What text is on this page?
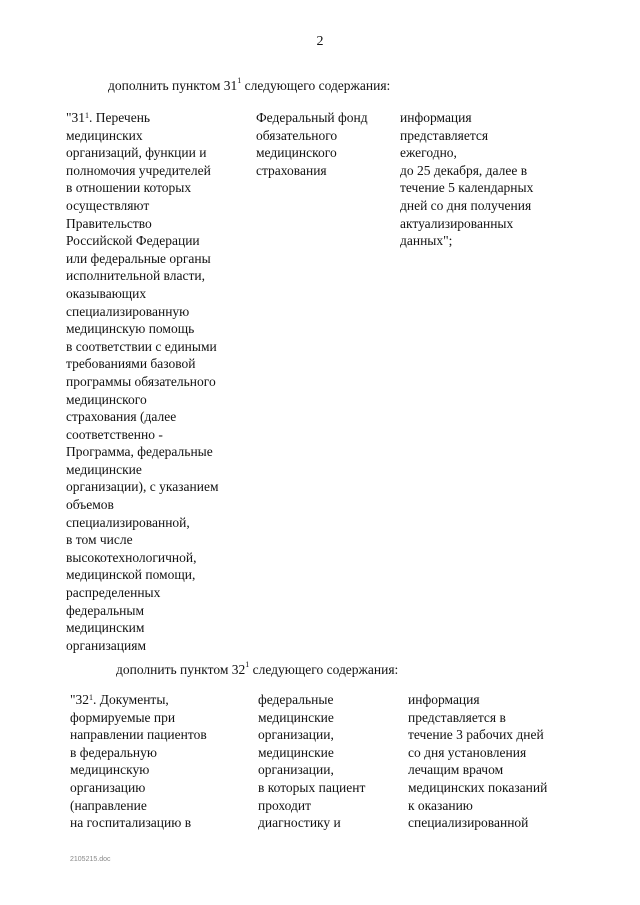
2
дополнить пунктом $31^1$ следующего содержания:
"$31^1$. Перечень
медицинских
организаций, функции и
полномочия учредителей
в отношении которых
осуществляют
Правительство
Российской Федерации
или федеральные органы
исполнительной власти,
оказывающих
специализированную
медицинскую помощь
в соответствии с едиными
требованиями базовой
программы обязательного
медицинского
страхования (далее
соответственно -
Программа, федеральные
медицинские
организации), с указанием
объемов
специализированной,
в том числе
высокотехнологичной,
медицинской помощи,
распределенных
федеральным
медицинским
организациям
Федеральный фонд
обязательного
медицинского
страхования
информация
представляется
ежегодно,
до 25 декабря, далее в
течение 5 календарных
дней со дня получения
актуализированных
данных";
дополнить пунктом $32^1$ следующего содержания:
"$32^1$. Документы,
формируемые при
направлении пациентов
в федеральную
медицинскую
организацию
(направление
на госпитализацию в
федеральные
медицинские
организации,
медицинские
организации,
в которых пациент
проходит
диагностику и
информация
представляется в
течение 3 рабочих дней
со дня установления
лечащим врачом
медицинских показаний
к оказанию
специализированной
2105215.doc
